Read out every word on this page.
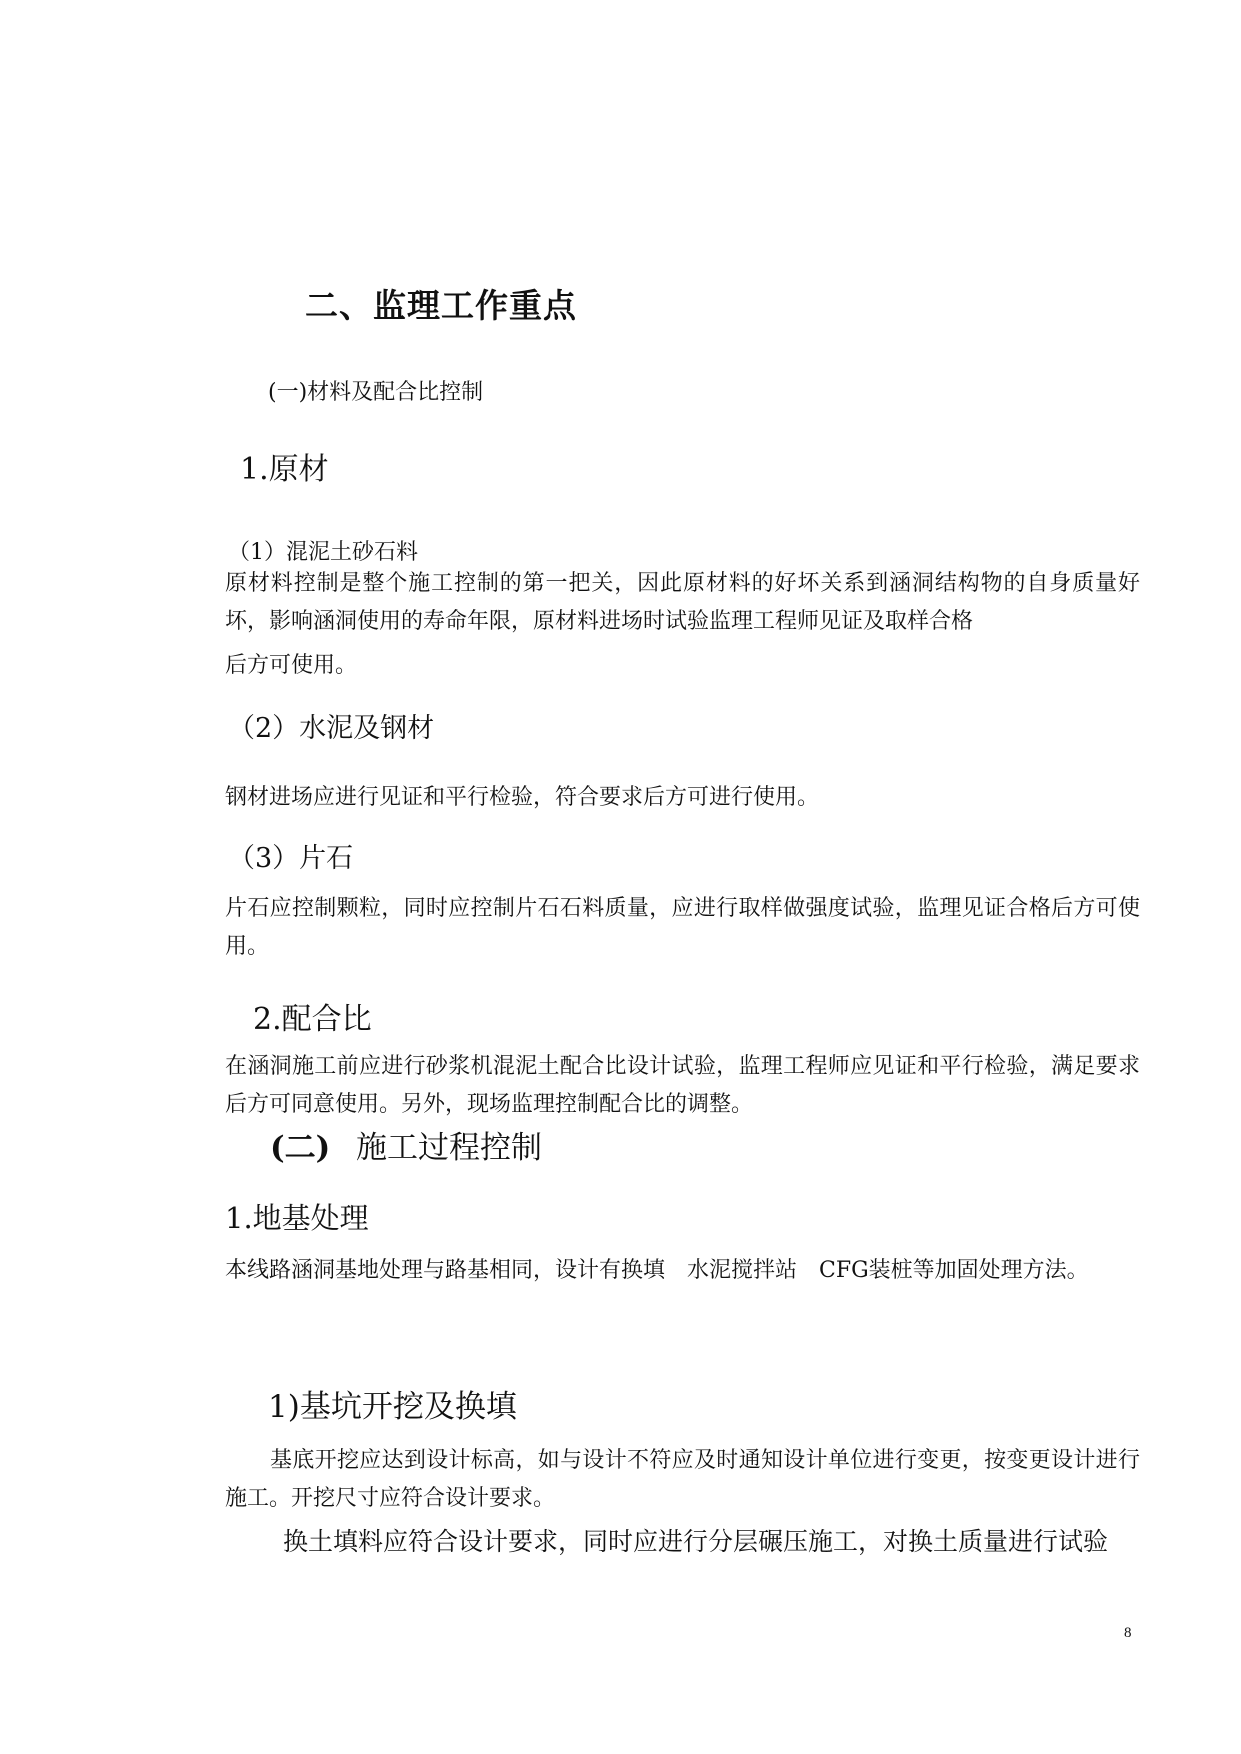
二、监理工作重点
(一)材料及配合比控制
1.原材
（1）混泥土砂石料
原材料控制是整个施工控制的第一把关，因此原材料的好坏关系到涵洞结构物的自身质量好坏，影响涵洞使用的寿命年限，原材料进场时试验监理工程师见证及取样合格
后方可使用。
（2）水泥及钢材
钢材进场应进行见证和平行检验，符合要求后方可进行使用。
（3）片石
片石应控制颗粒，同时应控制片石石料质量，应进行取样做强度试验，监理见证合格后方可使用。
2.配合比
在涵洞施工前应进行砂浆机混泥土配合比设计试验，监理工程师应见证和平行检验，满足要求后方可同意使用。另外，现场监理控制配合比的调整。
(二) 施工过程控制
1.地基处理
本线路涵洞基地处理与路基相同，设计有换填　水泥搅拌站　CFG装桩等加固处理方法。
1)基坑开挖及换填
基底开挖应达到设计标高，如与设计不符应及时通知设计单位进行变更，按变更设计进行施工。开挖尺寸应符合设计要求。
换土填料应符合设计要求，同时应进行分层碾压施工，对换土质量进行试验
8
